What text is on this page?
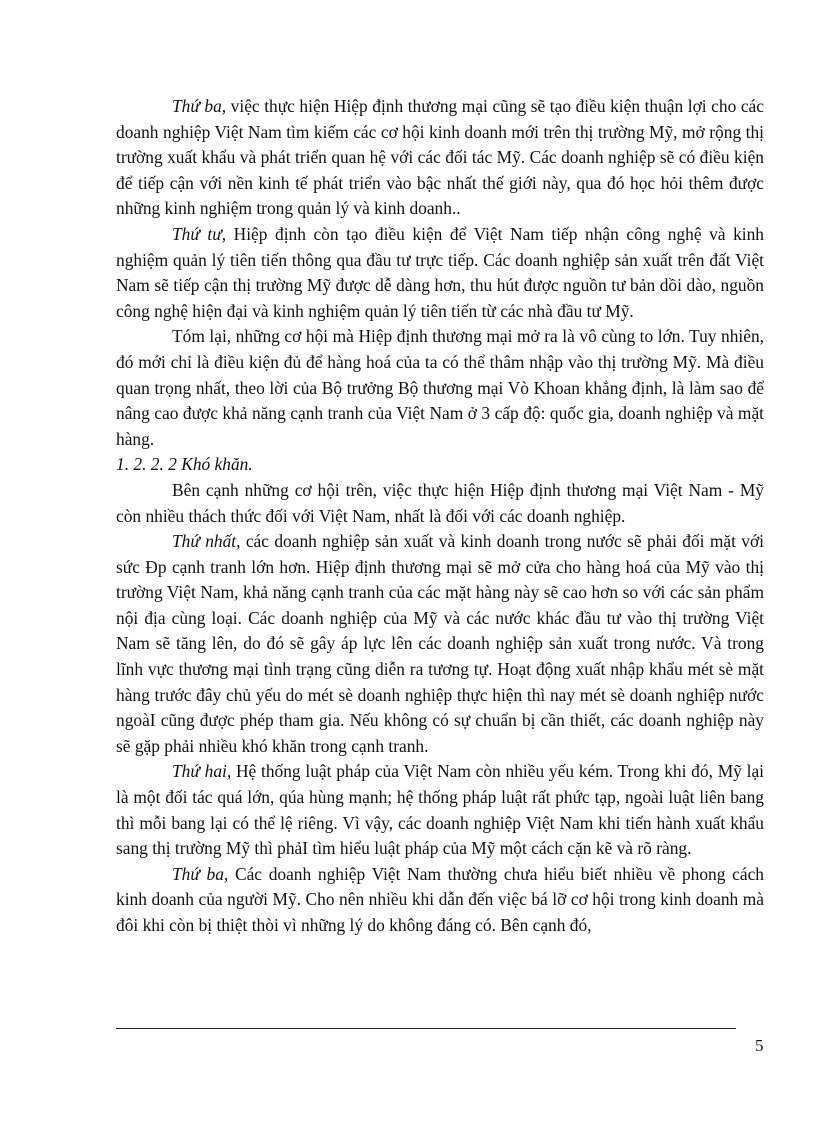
Thứ ba, việc thực hiện Hiệp định thương mại cũng sẽ tạo điều kiện thuận lợi cho các doanh nghiệp Việt Nam tìm kiếm các cơ hội kinh doanh mới trên thị trường Mỹ, mở rộng thị trường xuất khẩu và phát triển quan hệ với các đối tác Mỹ. Các doanh nghiệp sẽ có điều kiện để tiếp cận với nền kinh tế phát triển vào bậc nhất thế giới này, qua đó học hỏi thêm được những kinh nghiệm trong quản lý và kinh doanh..

Thứ tư, Hiệp định còn tạo điều kiện để Việt Nam tiếp nhận công nghệ và kinh nghiệm quản lý tiên tiến thông qua đầu tư trực tiếp. Các doanh nghiệp sản xuất trên đất Việt Nam sẽ tiếp cận thị trường Mỹ được dễ dàng hơn, thu hút được nguồn tư bản dồi dào, nguồn công nghệ hiện đại và kinh nghiệm quản lý tiên tiến từ các nhà đầu tư Mỹ.

Tóm lại, những cơ hội mà Hiệp định thương mại mở ra là vô cùng to lớn. Tuy nhiên, đó mới chỉ là điều kiện đủ để hàng hoá của ta có thể thâm nhập vào thị trường Mỹ. Mà điều quan trọng nhất, theo lời của Bộ trưởng Bộ thương mại Vò Khoan khẳng định, là làm sao để nâng cao được khả năng cạnh tranh của Việt Nam ở 3 cấp độ: quốc gia, doanh nghiệp và mặt hàng.

1. 2. 2. 2 Khó khăn.

Bên cạnh những cơ hội trên, việc thực hiện Hiệp định thương mại Việt Nam - Mỹ còn nhiều thách thức đối với Việt Nam, nhất là đối với các doanh nghiệp.

Thứ nhất, các doanh nghiệp sản xuất và kinh doanh trong nước sẽ phải đối mặt với sức Đp cạnh tranh lớn hơn. Hiệp định thương mại sẽ mở cửa cho hàng hoá của Mỹ vào thị trường Việt Nam, khả năng cạnh tranh của các mặt hàng này sẽ cao hơn so với các sản phẩm nội địa cùng loại. Các doanh nghiệp của Mỹ và các nước khác đầu tư vào thị trường Việt Nam sẽ tăng lên, do đó sẽ gây áp lực lên các doanh nghiệp sản xuất trong nước. Và trong lĩnh vực thương mại tình trạng cũng diễn ra tương tự. Hoạt động xuất nhập khẩu mét sè mặt hàng trước đây chủ yếu do mét sè doanh nghiệp thực hiện thì nay mét sè doanh nghiệp nước ngoàI cũng được phép tham gia. Nếu không có sự chuẩn bị cần thiết, các doanh nghiệp này sẽ gặp phải nhiều khó khăn trong cạnh tranh.

Thứ hai, Hệ thống luật pháp của Việt Nam còn nhiều yếu kém. Trong khi đó, Mỹ lại là một đối tác quá lớn, qúa hùng mạnh; hệ thống pháp luật rất phức tạp, ngoài luật liên bang thì mỗi bang lại có thể lệ riêng. Vì vậy, các doanh nghiệp Việt Nam khi tiến hành xuất khẩu sang thị trường Mỹ thì phảI tìm hiểu luật pháp của Mỹ một cách cặn kẽ và rõ ràng.

Thứ ba, Các doanh nghiệp Việt Nam thường chưa hiểu biết nhiều về phong cách kinh doanh của người Mỹ. Cho nên nhiều khi dẫn đến việc bá lỡ cơ hội trong kinh doanh mà đôi khi còn bị thiệt thòi vì những lý do không đáng có. Bên cạnh đó,

5
